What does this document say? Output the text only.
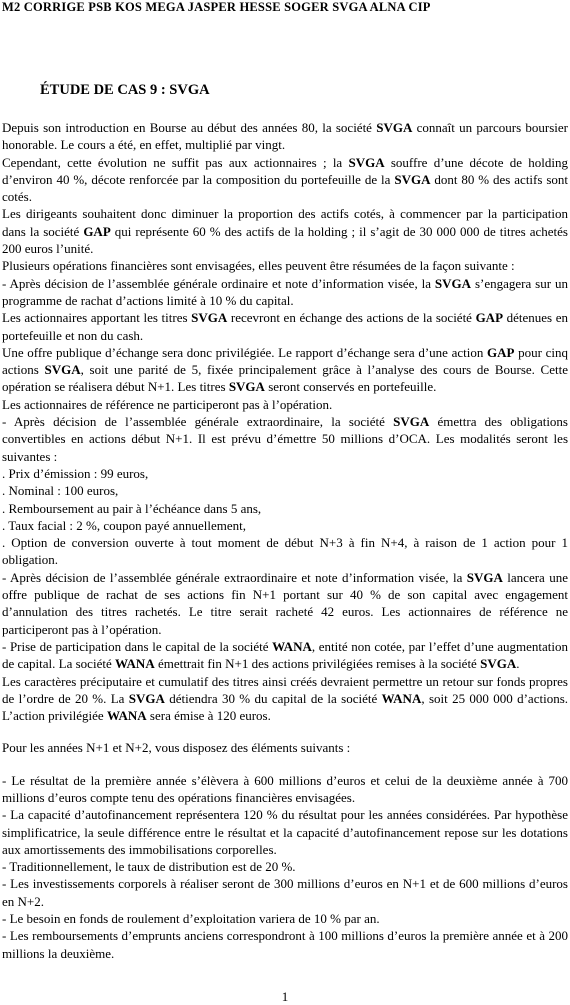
M2 CORRIGE PSB KOS MEGA JASPER HESSE SOGER SVGA ALNA CIP
ÉTUDE DE CAS 9 : SVGA

Depuis son introduction en Bourse au début des années 80, la société SVGA connaît un parcours boursier honorable. Le cours a été, en effet, multiplié par vingt.

Cependant, cette évolution ne suffit pas aux actionnaires ; la SVGA souffre d’une décote de holding d’environ 40 %, décote renforcée par la composition du portefeuille de la SVGA dont 80 % des actifs sont cotés.

Les dirigeants souhaitent donc diminuer la proportion des actifs cotés, à commencer par la participation dans la société GAP qui représente 60 % des actifs de la holding ; il s’agit de 30 000 000 de titres achetés 200 euros l’unité.

Plusieurs opérations financières sont envisagées, elles peuvent être résumées de la façon suivante :

- Après décision de l’assemblée générale ordinaire et note d’information visée, la SVGA s’engagera sur un programme de rachat d’actions limité à 10 % du capital.

Les actionnaires apportant les titres SVGA recevront en échange des actions de la société GAP détenues en portefeuille et non du cash.

Une offre publique d’échange sera donc privilégiée. Le rapport d’échange sera d’une action GAP pour cinq actions SVGA, soit une parité de 5, fixée principalement grâce à l’analyse des cours de Bourse. Cette opération se réalisera début N+1. Les titres SVGA seront conservés en portefeuille.

Les actionnaires de référence ne participeront pas à l’opération.

- Après décision de l’assemblée générale extraordinaire, la société SVGA émettra des obligations convertibles en actions début N+1. Il est prévu d’émettre 50 millions d’OCA. Les modalités seront les suivantes :

. Prix d’émission : 99 euros,

. Nominal : 100 euros,

. Remboursement au pair à l’échéance dans 5 ans,

. Taux facial : 2 %, coupon payé annuellement,

. Option de conversion ouverte à tout moment de début N+3 à fin N+4, à raison de 1 action pour 1 obligation.

- Après décision de l’assemblée générale extraordinaire et note d’information visée, la SVGA lancera une offre publique de rachat de ses actions fin N+1 portant sur 40 % de son capital avec engagement d’annulation des titres rachetés. Le titre serait racheté 42 euros. Les actionnaires de référence ne participeront pas à l’opération.

- Prise de participation dans le capital de la société WANA, entité non cotée, par l’effet d’une augmentation de capital. La société WANA émettrait fin N+1 des actions privilégiées remises à la société SVGA.

Les caractères préciputaire et cumulatif des titres ainsi créés devraient permettre un retour sur fonds propres de l’ordre de 20 %. La SVGA détiendra 30 % du capital de la société WANA, soit 25 000 000 d’actions. L’action privilégiée WANA sera émise à 120 euros.

Pour les années N+1 et N+2, vous disposez des éléments suivants :

- Le résultat de la première année s’élèvera à 600 millions d’euros et celui de la deuxième année à 700 millions d’euros compte tenu des opérations financières envisagées.

- La capacité d’autofinancement représentera 120 % du résultat pour les années considérées. Par hypothèse simplificatrice, la seule différence entre le résultat et la capacité d’autofinancement repose sur les dotations aux amortissements des immobilisations corporelles.

- Traditionnellement, le taux de distribution est de 20 %.

- Les investissements corporels à réaliser seront de 300 millions d’euros en N+1 et de 600 millions d’euros en N+2.

- Le besoin en fonds de roulement d’exploitation variera de 10 % par an.

- Les remboursements d’emprunts anciens correspondront à 100 millions d’euros la première année et à 200 millions la deuxième.

1
